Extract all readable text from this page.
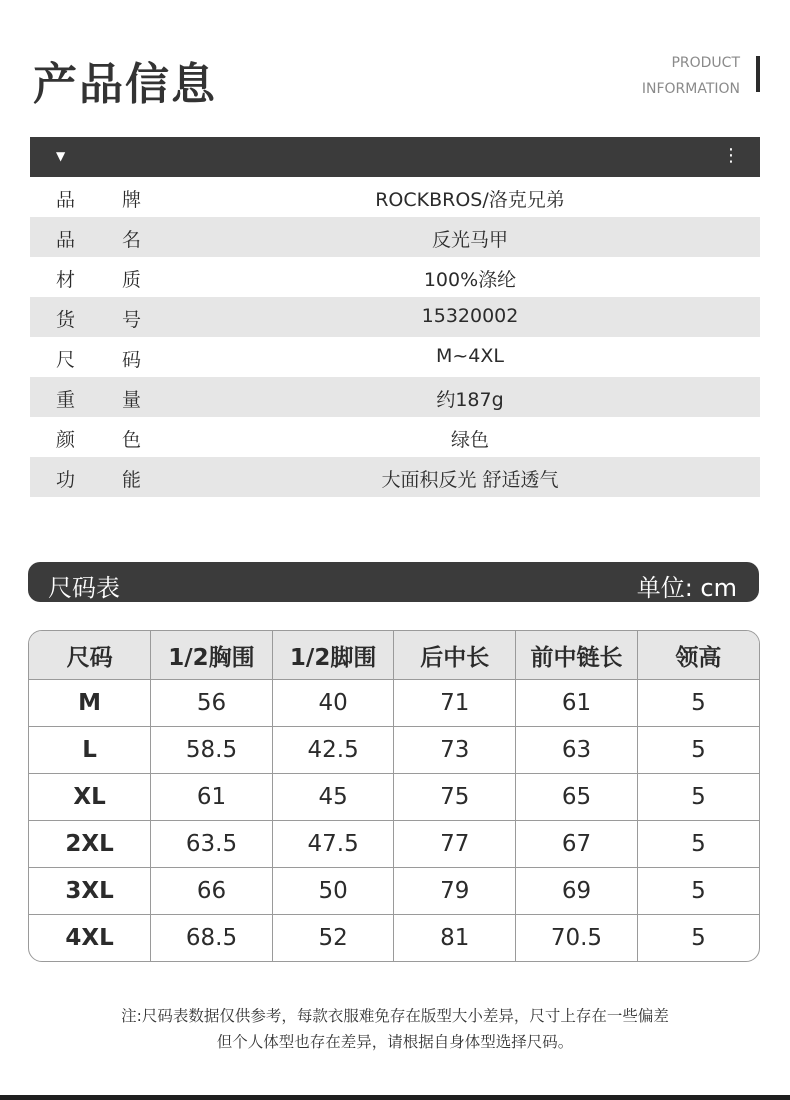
产品信息	PRODUCT
INFORMATION
▼	⋮
品 牌	ROCKBROS/洛克兄弟
品 名	反光马甲
材 质	100%涤纶
货 号	15320002
尺 码	M~4XL
重 量	约187g
颜 色	绿色
功 能	大面积反光 舒适透气
尺码表	单位: cm
尺码	1/2胸围	1/2脚围	后中长	前中链长	领高
M	56	40	71	61	5
L	58.5	42.5	73	63	5
XL	61	45	75	65	5
2XL	63.5	47.5	77	67	5
3XL	66	50	79	69	5
4XL	68.5	52	81	70.5	5
注:尺码表数据仅供参考，每款衣服难免存在版型大小差异，尺寸上存在一些偏差
但个人体型也存在差异，请根据自身体型选择尺码。
